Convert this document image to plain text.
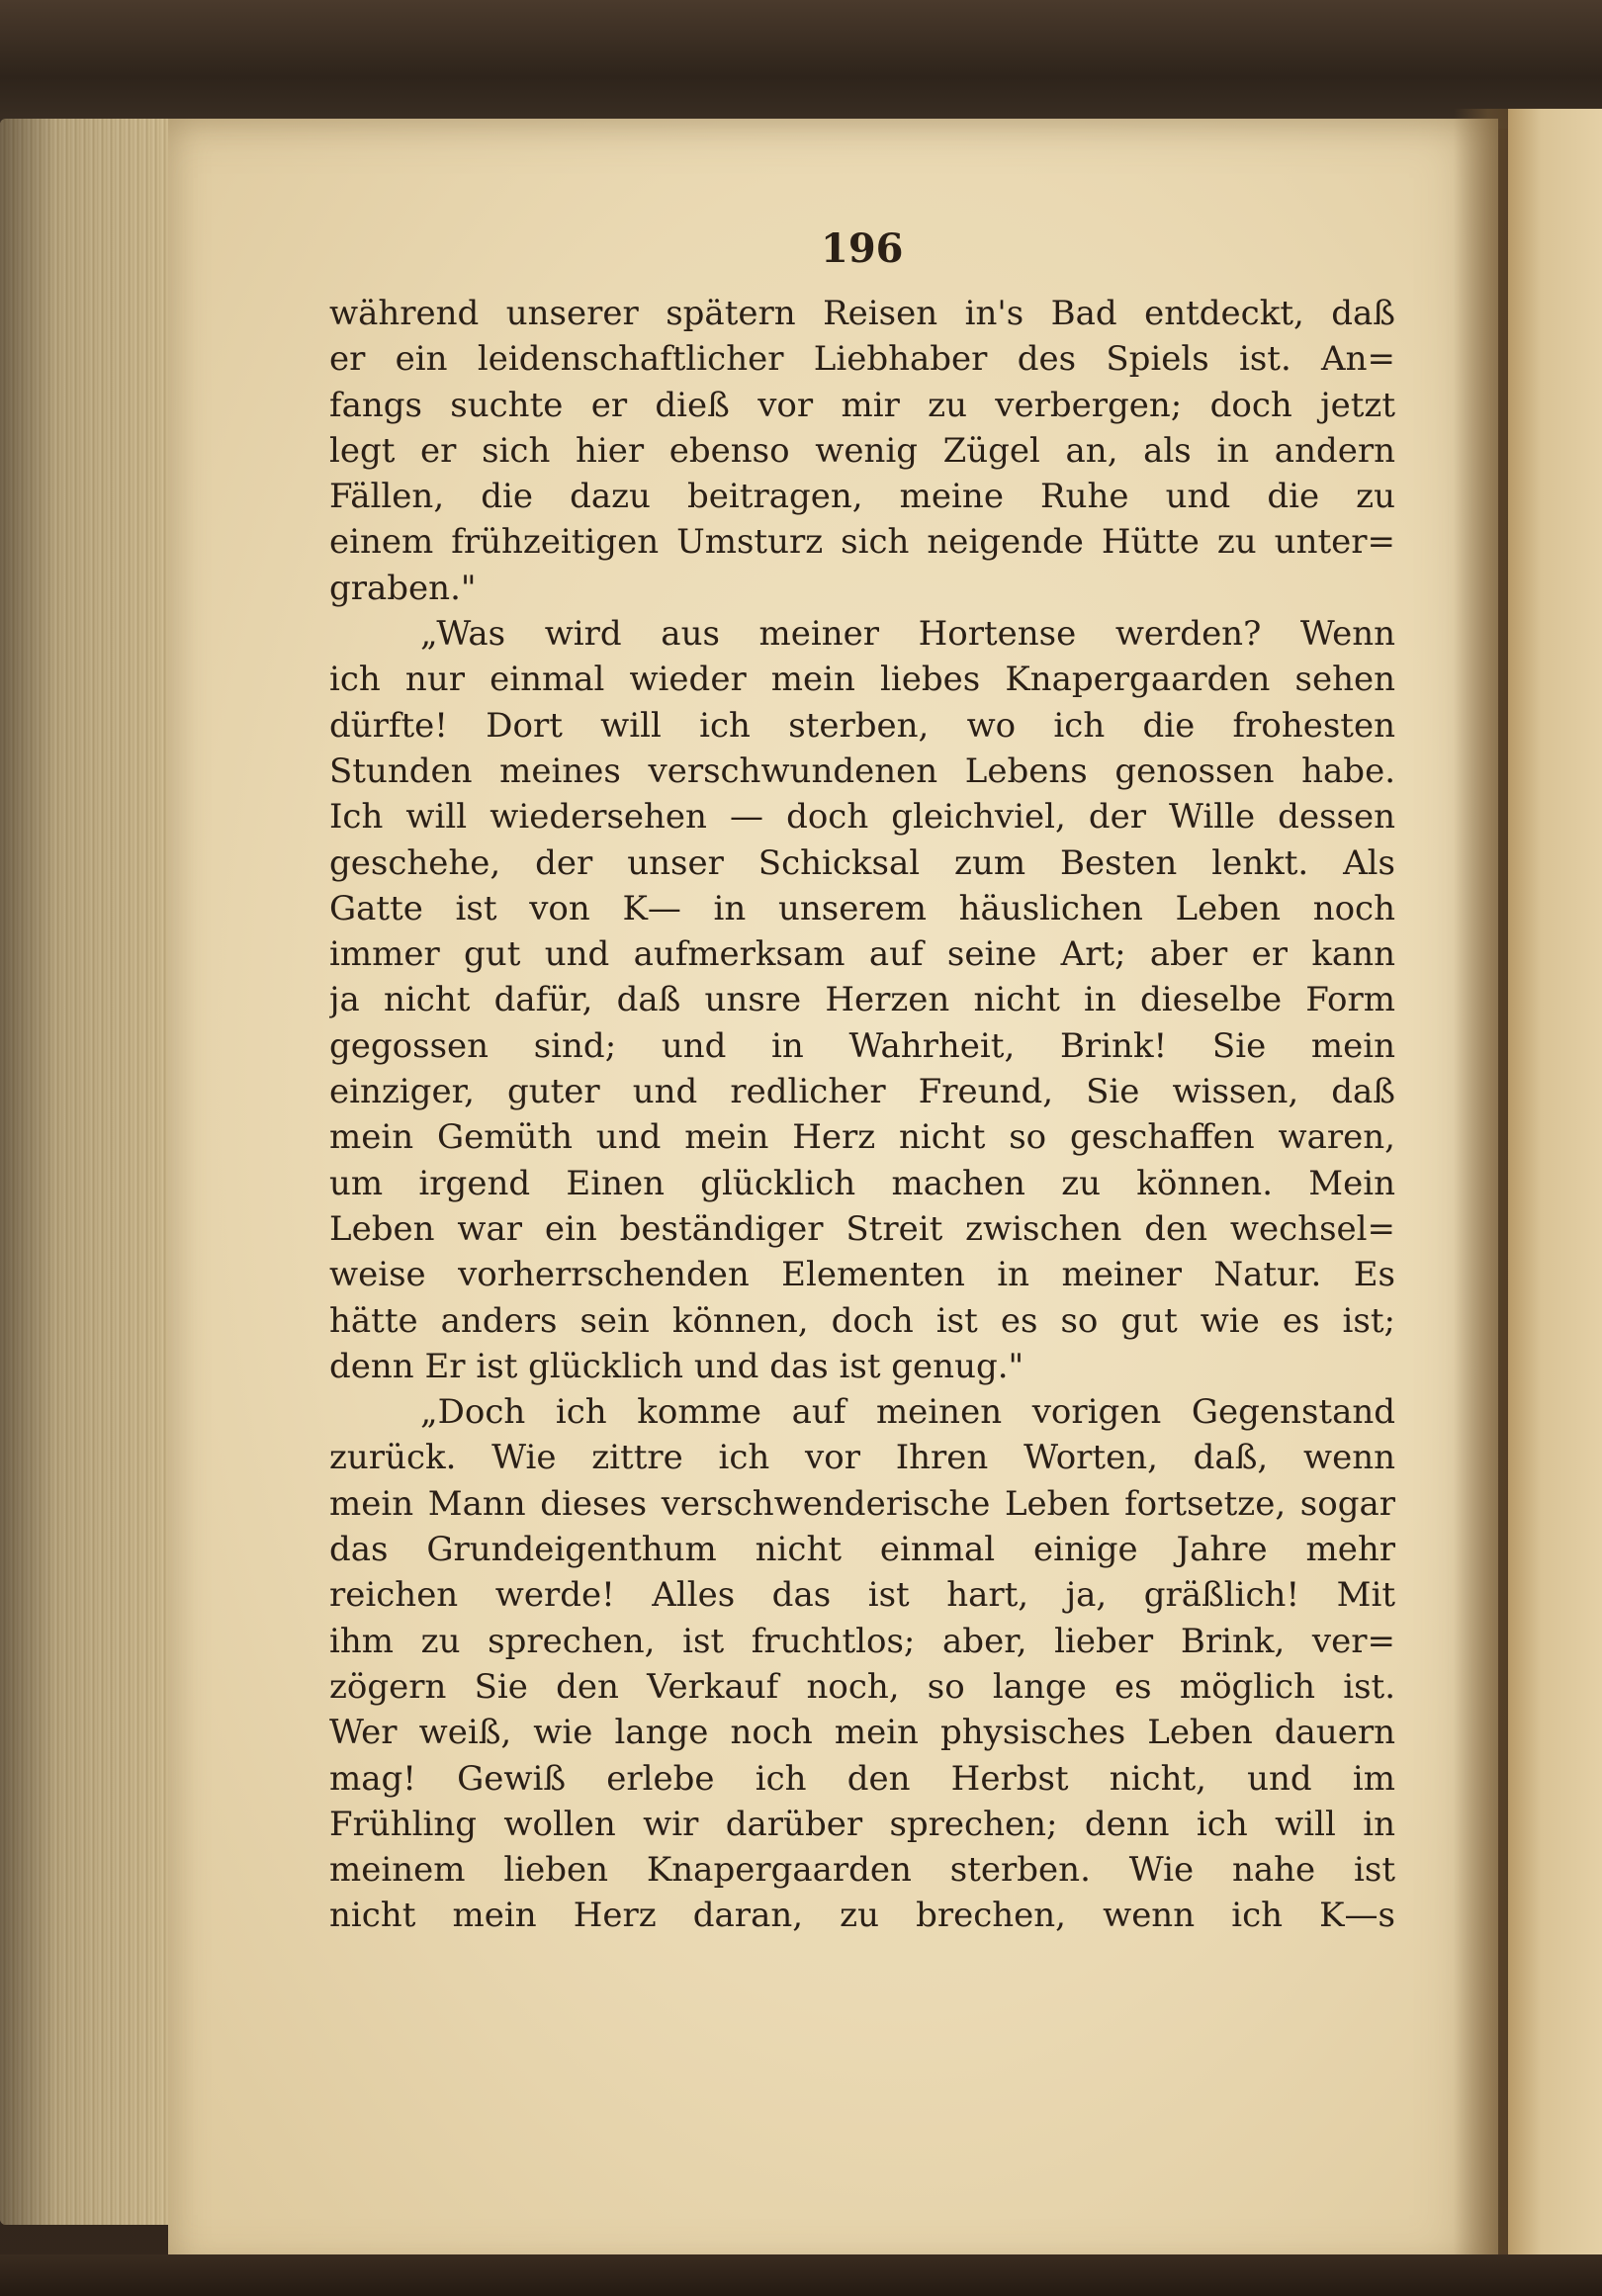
196
während unserer spätern Reisen in's Bad entdeckt, daß
er ein leidenschaftlicher Liebhaber des Spiels ist. An=
fangs suchte er dieß vor mir zu verbergen; doch jetzt
legt er sich hier ebenso wenig Zügel an, als in andern
Fällen, die dazu beitragen, meine Ruhe und die zu
einem frühzeitigen Umsturz sich neigende Hütte zu unter=
graben."
„Was wird aus meiner Hortense werden? Wenn
ich nur einmal wieder mein liebes Knapergaarden sehen
dürfte! Dort will ich sterben, wo ich die frohesten
Stunden meines verschwundenen Lebens genossen habe.
Ich will wiedersehen — doch gleichviel, der Wille dessen
geschehe, der unser Schicksal zum Besten lenkt. Als
Gatte ist von K— in unserem häuslichen Leben noch
immer gut und aufmerksam auf seine Art; aber er kann
ja nicht dafür, daß unsre Herzen nicht in dieselbe Form
gegossen sind; und in Wahrheit, Brink! Sie mein
einziger, guter und redlicher Freund, Sie wissen, daß
mein Gemüth und mein Herz nicht so geschaffen waren,
um irgend Einen glücklich machen zu können. Mein
Leben war ein beständiger Streit zwischen den wechsel=
weise vorherrschenden Elementen in meiner Natur. Es
hätte anders sein können, doch ist es so gut wie es ist;
denn Er ist glücklich und das ist genug."
„Doch ich komme auf meinen vorigen Gegenstand
zurück. Wie zittre ich vor Ihren Worten, daß, wenn
mein Mann dieses verschwenderische Leben fortsetze, sogar
das Grundeigenthum nicht einmal einige Jahre mehr
reichen werde! Alles das ist hart, ja, gräßlich! Mit
ihm zu sprechen, ist fruchtlos; aber, lieber Brink, ver=
zögern Sie den Verkauf noch, so lange es möglich ist.
Wer weiß, wie lange noch mein physisches Leben dauern
mag! Gewiß erlebe ich den Herbst nicht, und im
Frühling wollen wir darüber sprechen; denn ich will in
meinem lieben Knapergaarden sterben. Wie nahe ist
nicht mein Herz daran, zu brechen, wenn ich K—s
